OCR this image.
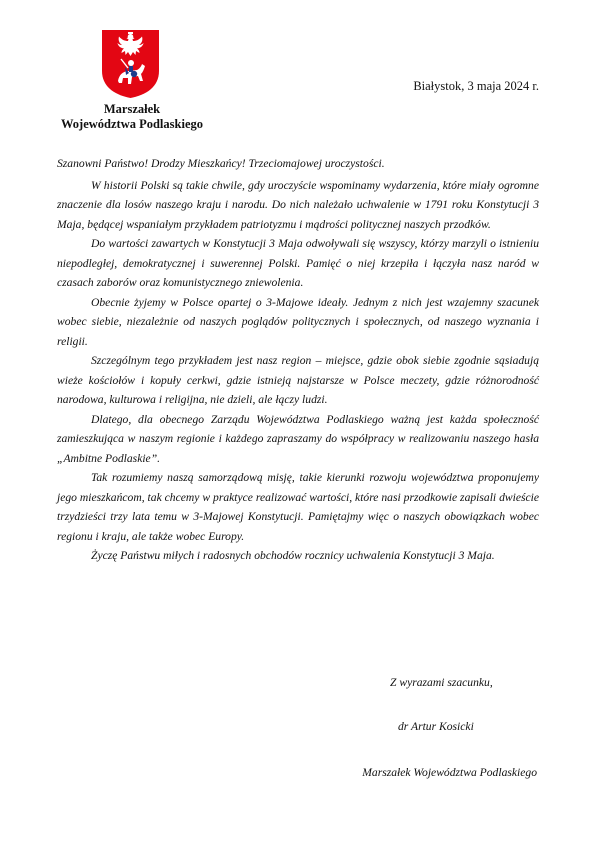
Marszałek
Województwa Podlaskiego
Białystok, 3 maja 2024 r.

Szanowni Państwo! Drodzy Mieszkańcy! Trzeciomajowej uroczystości.

W historii Polski są takie chwile, gdy uroczyście wspominamy wydarzenia, które miały ogromne znaczenie dla losów naszego kraju i narodu. Do nich należało uchwalenie w 1791 roku Konstytucji 3 Maja, będącej wspaniałym przykładem patriotyzmu i mądrości politycznej naszych przodków.

Do wartości zawartych w Konstytucji 3 Maja odwoływali się wszyscy, którzy marzyli o istnieniu niepodległej, demokratycznej i suwerennej Polski. Pamięć o niej krzepiła i łączyła nasz naród w czasach zaborów oraz komunistycznego zniewolenia.

Obecnie żyjemy w Polsce opartej o 3-Majowe ideały. Jednym z nich jest wzajemny szacunek wobec siebie, niezależnie od naszych poglądów politycznych i społecznych, od naszego wyznania i religii.

Szczególnym tego przykładem jest nasz region – miejsce, gdzie obok siebie zgodnie sąsiadują wieże kościołów i kopuły cerkwi, gdzie istnieją najstarsze w Polsce meczety, gdzie różnorodność narodowa, kulturowa i religijna, nie dzieli, ale łączy ludzi.

Dlatego, dla obecnego Zarządu Województwa Podlaskiego ważną jest każda społeczność zamieszkująca w naszym regionie i każdego zapraszamy do współpracy w realizowaniu naszego hasła „Ambitne Podlaskie”.

Tak rozumiemy naszą samorządową misję, takie kierunki rozwoju województwa proponujemy jego mieszkańcom, tak chcemy w praktyce realizować wartości, które nasi przodkowie zapisali dwieście trzydzieści trzy lata temu w 3-Majowej Konstytucji. Pamiętajmy więc o naszych obowiązkach wobec regionu i kraju, ale także wobec Europy.

Życzę Państwu miłych i radosnych obchodów rocznicy uchwalenia Konstytucji 3 Maja.

Z wyrazami szacunku,
dr Artur Kosicki
Marszałek Województwa Podlaskiego
